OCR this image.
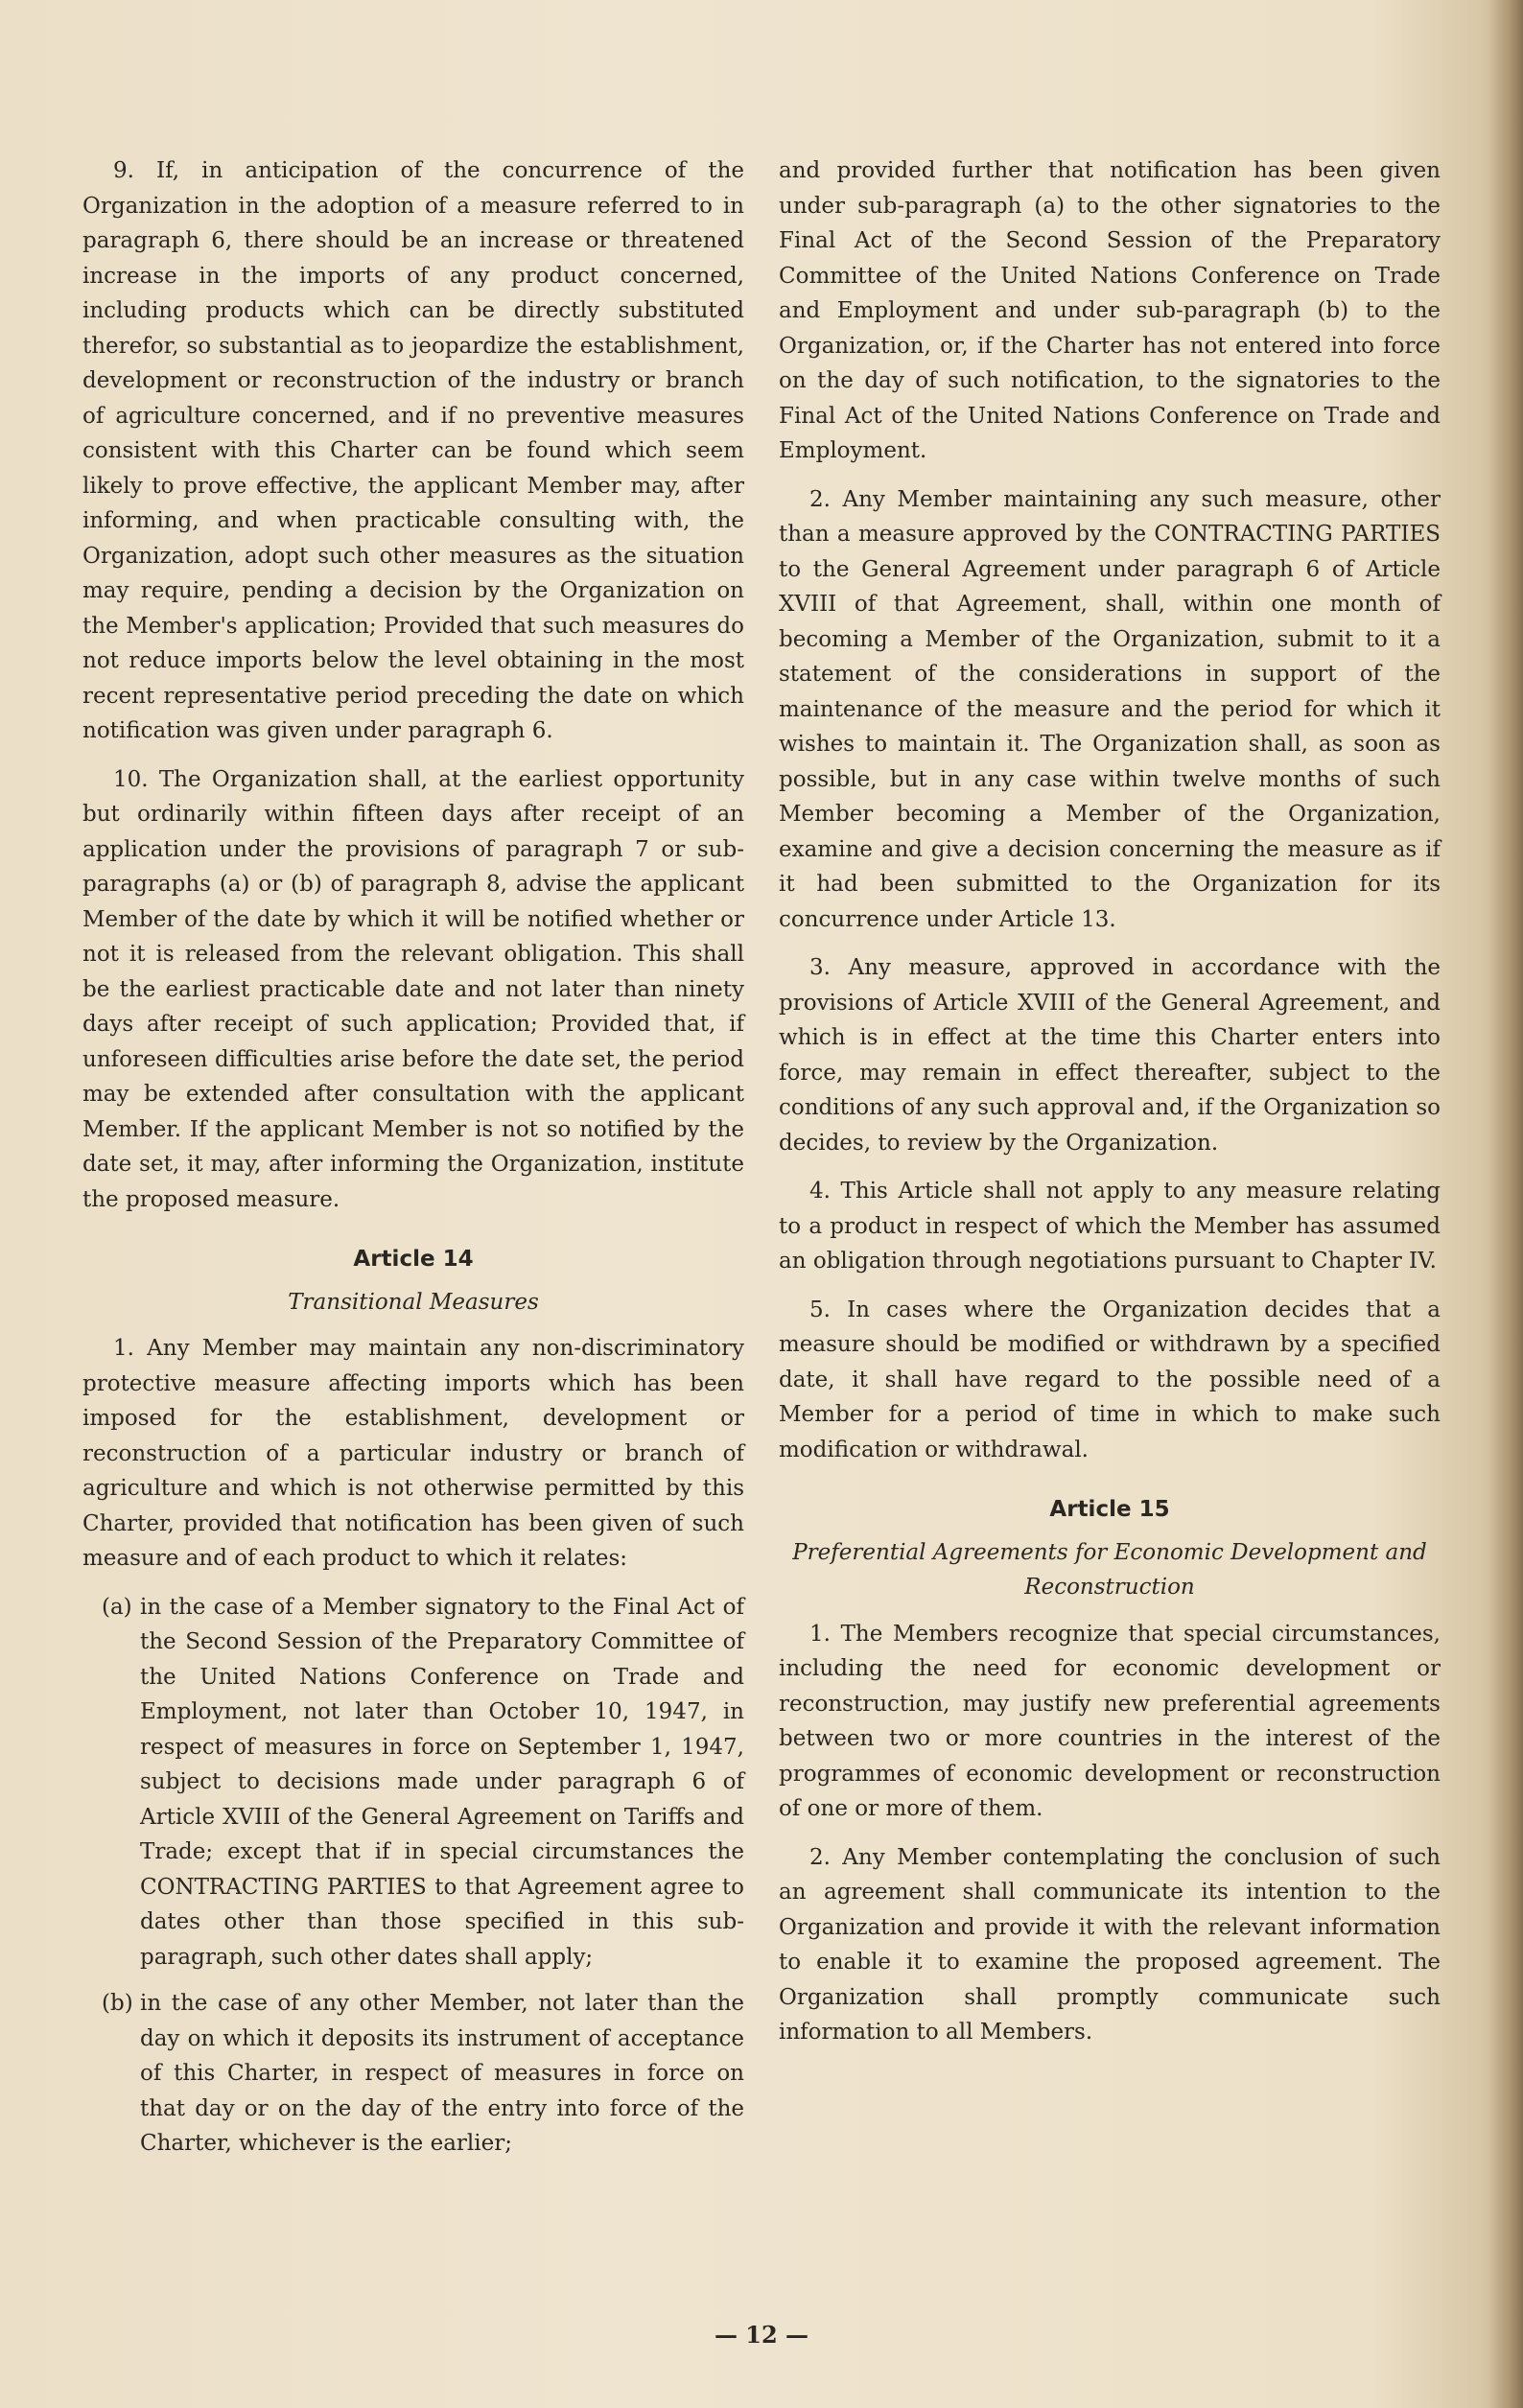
9. If, in anticipation of the concurrence of the Organization in the adoption of a measure referred to in paragraph 6, there should be an increase or threatened increase in the imports of any product concerned, including products which can be directly substituted therefor, so substantial as to jeopardize the establishment, development or reconstruction of the industry or branch of agriculture concerned, and if no preventive measures consistent with this Charter can be found which seem likely to prove effective, the applicant Member may, after informing, and when practicable consulting with, the Organization, adopt such other measures as the situation may require, pending a decision by the Organization on the Member's application; Provided that such measures do not reduce imports below the level obtaining in the most recent representative period preceding the date on which notification was given under paragraph 6.

10. The Organization shall, at the earliest opportunity but ordinarily within fifteen days after receipt of an application under the provisions of paragraph 7 or sub-paragraphs (a) or (b) of paragraph 8, advise the applicant Member of the date by which it will be notified whether or not it is released from the relevant obligation. This shall be the earliest practicable date and not later than ninety days after receipt of such application; Provided that, if unforeseen difficulties arise before the date set, the period may be extended after consultation with the applicant Member. If the applicant Member is not so notified by the date set, it may, after informing the Organization, institute the proposed measure.

Article 14
Transitional Measures

1. Any Member may maintain any non-discriminatory protective measure affecting imports which has been imposed for the establishment, development or reconstruction of a particular industry or branch of agriculture and which is not otherwise permitted by this Charter, provided that notification has been given of such measure and of each product to which it relates:

(a) in the case of a Member signatory to the Final Act of the Second Session of the Preparatory Committee of the United Nations Conference on Trade and Employment, not later than October 10, 1947, in respect of measures in force on September 1, 1947, subject to decisions made under paragraph 6 of Article XVIII of the General Agreement on Tariffs and Trade; except that if in special circumstances the CONTRACTING PARTIES to that Agreement agree to dates other than those specified in this sub-paragraph, such other dates shall apply;
(b) in the case of any other Member, not later than the day on which it deposits its instrument of acceptance of this Charter, in respect of measures in force on that day or on the day of the entry into force of the Charter, whichever is the earlier;

and provided further that notification has been given under sub-paragraph (a) to the other signatories to the Final Act of the Second Session of the Preparatory Committee of the United Nations Conference on Trade and Employment and under sub-paragraph (b) to the Organization, or, if the Charter has not entered into force on the day of such notification, to the signatories to the Final Act of the United Nations Conference on Trade and Employment.

2. Any Member maintaining any such measure, other than a measure approved by the CONTRACTING PARTIES to the General Agreement under paragraph 6 of Article XVIII of that Agreement, shall, within one month of becoming a Member of the Organization, submit to it a statement of the considerations in support of the maintenance of the measure and the period for which it wishes to maintain it. The Organization shall, as soon as possible, but in any case within twelve months of such Member becoming a Member of the Organization, examine and give a decision concerning the measure as if it had been submitted to the Organization for its concurrence under Article 13.

3. Any measure, approved in accordance with the provisions of Article XVIII of the General Agreement, and which is in effect at the time this Charter enters into force, may remain in effect thereafter, subject to the conditions of any such approval and, if the Organization so decides, to review by the Organization.

4. This Article shall not apply to any measure relating to a product in respect of which the Member has assumed an obligation through negotiations pursuant to Chapter IV.

5. In cases where the Organization decides that a measure should be modified or withdrawn by a specified date, it shall have regard to the possible need of a Member for a period of time in which to make such modification or withdrawal.

Article 15
Preferential Agreements for Economic Development and Reconstruction

1. The Members recognize that special circumstances, including the need for economic development or reconstruction, may justify new preferential agreements between two or more countries in the interest of the programmes of economic development or reconstruction of one or more of them.

2. Any Member contemplating the conclusion of such an agreement shall communicate its intention to the Organization and provide it with the relevant information to enable it to examine the proposed agreement. The Organization shall promptly communicate such information to all Members.

— 12 —
